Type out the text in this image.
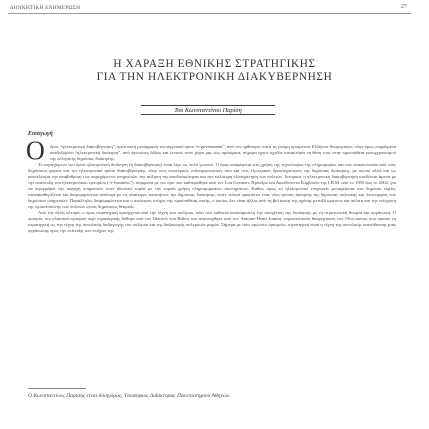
ΔΙΟΙΚΗΤΙΚΗ ΕΝΗΜΕΡΩΣΗ	27
Η ΧΑΡΑΞΗ ΕΘΝΙΚΗΣ ΣΤΡΑΤΗΓΙΚΗΣ
ΓΙΑ ΤΗΝ ΗΛΕΚΤΡΟΝΙΚΗ ΔΙΑΚΥΒΕΡΝΗΣΗ
Του Κωνσταντίνου Παρίση
Εισαγωγή
Ο	όρος “ηλεκτρονική διακυβέρνηση”, κατά αυτή μετάφραση του αγγλικού όρου “e-government”, από τον ορθότερο, κατά τη γνώμη ορισμένων Ελλήνων θεωρητικών, πλην όμως εσφαλμένα αποδιδόμενο “ηλεκτρονική διοίκηση”, από άγνωστες λέξεις και έννοιες στον χώρο μας έως πρόσφατα, σήμερα έχουν σχεδόν κατακτήσει τη θέση τους στην προσπάθεια εκσυγχρονισμού της ελληνικής δημόσιας διοίκησης.

Το περιεχόμενο του όρου ηλεκτρονική διοίκηση (ή διακυβέρνηση) είναι λίγο ως πολύ γνωστό. Ο όρος αναφέρεται στη χρήση της τεχνολογίας της πληροφορίας και των επικοινωνιών από τους δημόσιους φορείς και τον ηλεκτρονικό τρόπο διακυβέρνησης, τόσο στις εσωτερικές ενδοοργανωτικές όσο και στις εξωτερικές δραστηριότητες της δημόσιας διοίκησης, με σκοπό αλλά και ως αποτέλεσμα την αναβάθμιση των παρεχόμενων υπηρεσιών, την αύξηση της αποδοτικότητας και την καλύτερη εξυπηρέτηση των πολιτών. Ιστορικά, η ηλεκτρονική διακυβέρνηση συνδέεται άμεσα με την ανάπτυξη του ηλεκτρονικού εμπορίου (“e-business”), σύμφωνα με τον όρο που καθιερώθηκε από τον Lou Gerstner, Πρόεδρο και Διευθύνοντα Σύμβουλο της I.B.M. από το 1993 έως το 2002, για να περιγράψει την παροχή υπηρεσιών στον ιδιωτικό τομέα με την ευρεία χρήση πληροφοριακών συστημάτων. Καθώς όμως το ηλεκτρονικό επιχειρείν μεταφέρεται στο δημόσιο τομέα, επανακαθορίζεται και διαμορφώνεται ανάλογα με τις ιδιαίτερες απαιτήσεις της δημόσιας διοίκησης, ώστε τελικά προκύπτει ένας νέος τρόπος άσκησης της δημόσιας πολιτικής και λειτουργίας των δημόσιων υπηρεσιών. Παράλληλα, διαμορφώνεται και ο απώτερος στόχος της προσπάθειας αυτής, ο οποίος δεν είναι άλλος από τη βελτίωση της σχέσης μεταξύ κράτους και πολίτη και την ενίσχυση της εμπιστοσύνης των πολιτών στους δημόσιους θεσμούς.

Από την άλλη πλευρά, ο όρος στρατηγική προέρχεται από την τέχνη του πολέμου, κάτι που καθιστά αναπόφευκτη την συσχέτιση της διοίκησης με τη στρατιωτική θεωρία και οργάνωση. Ο ορισμός του κλασικού ορισμού περί στρατηγικής δόθηκε από τον Dietrich von Bülow και αναπτύχθηκε από τον Antoine-Henri Jomini, στρατιωτικούς θεωρητικούς του 19ου αιώνα, που όρισαν τη στρατηγική ως την τέχνη της συνολικής διεξαγωγής του πολέμου και της διεξαγωγής πολεμικών μαχών. Σήμερα με τους πρώτους ορισμούς, στρατηγική είναι η τέχνη της συνολικής κατεύθυνσης μιας οργάνωσης προς την επίτευξη των στόχων της.

Ο Κωνσταντίνος Παρίσης είναι δικηγόρος, Υποψήφιος Διδάκτορας Πανεπιστημίου Αθηνών.
